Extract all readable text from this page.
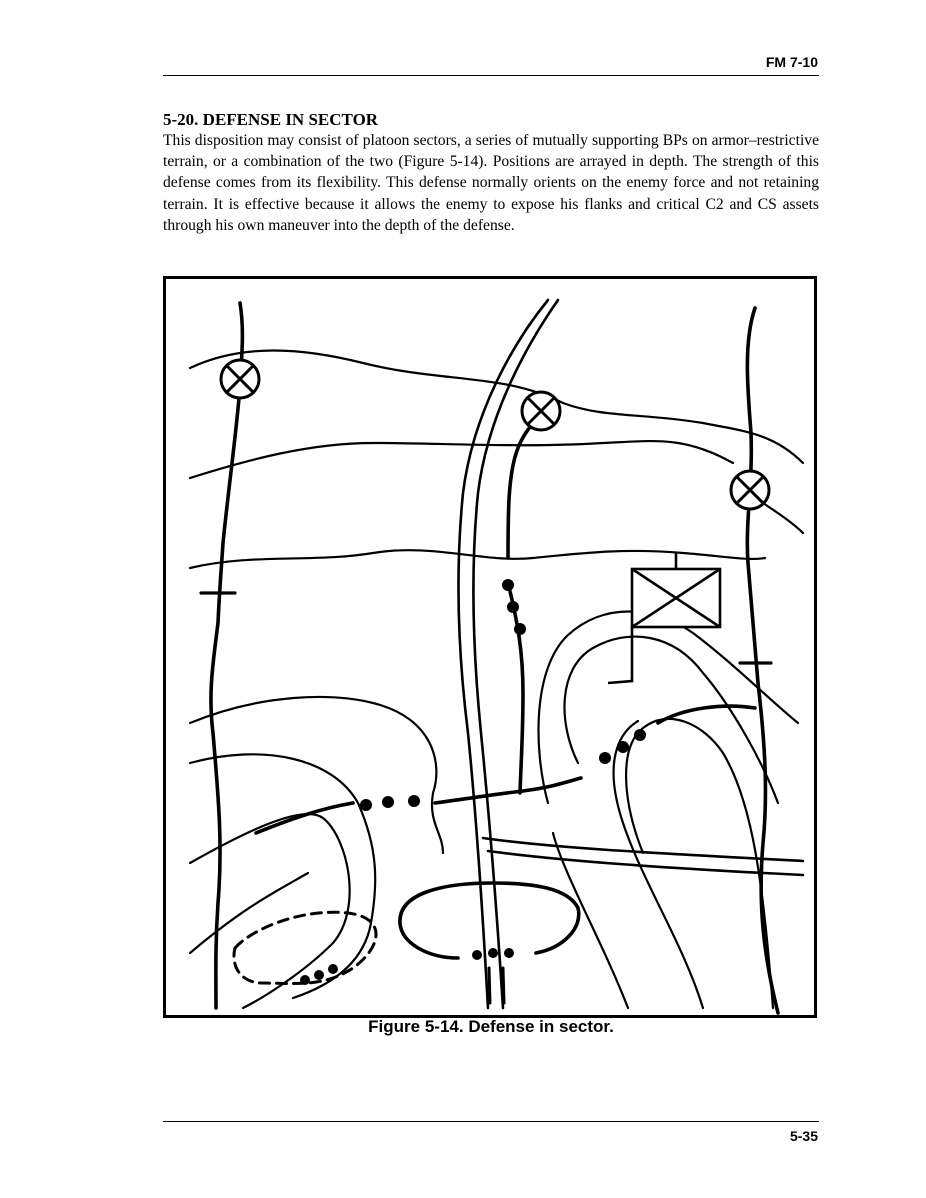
FM 7-10

5-20. DEFENSE IN SECTOR

This disposition may consist of platoon sectors, a series of mutually supporting BPs on armor–restrictive terrain, or a combination of the two (Figure 5-14). Positions are arrayed in depth. The strength of this defense comes from its flexibility. This defense normally orients on the enemy force and not retaining terrain. It is effective because it allows the enemy to expose his flanks and critical C2 and CS assets through his own maneuver into the depth of the defense.

Figure 5-14. Defense in sector.
5-35
